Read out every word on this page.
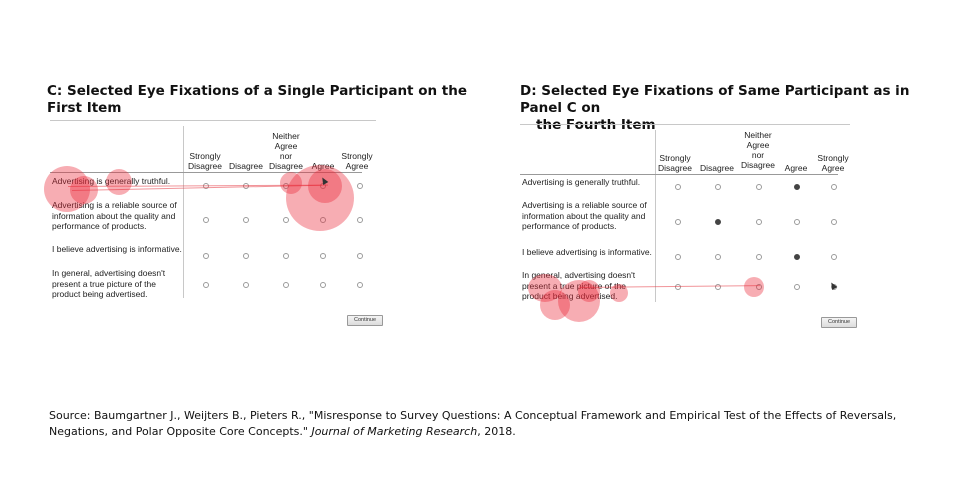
C: Selected Eye Fixations of a Single Participant on the First Item
Strongly
Disagree Disagree
Neither
Agree
nor
Disagree	Agree
Strongly
Agree

Advertising is generally truthful.

Advertising is a reliable source of information about the quality and performance of products.

I believe advertising is informative.

In general, advertising doesn't present a true picture of the product being advertised.

Continue
D: Selected Eye Fixations of Same Participant as in Panel C on
the Fourth Item
Strongly
Disagree Disagree
Neither
Agree
nor
Disagree	Agree
Strongly
Agree

Advertising is generally truthful.

Advertising is a reliable source of information about the quality and performance of products.

I believe advertising is informative.

In general, advertising doesn't present a true picture of the product being advertised.

Continue

Source: Baumgartner J., Weijters B., Pieters R., "Misresponse to Survey Questions: A Conceptual Framework and Empirical Test of the Effects of Reversals, Negations, and Polar Opposite Core Concepts." Journal of Marketing Research, 2018.
